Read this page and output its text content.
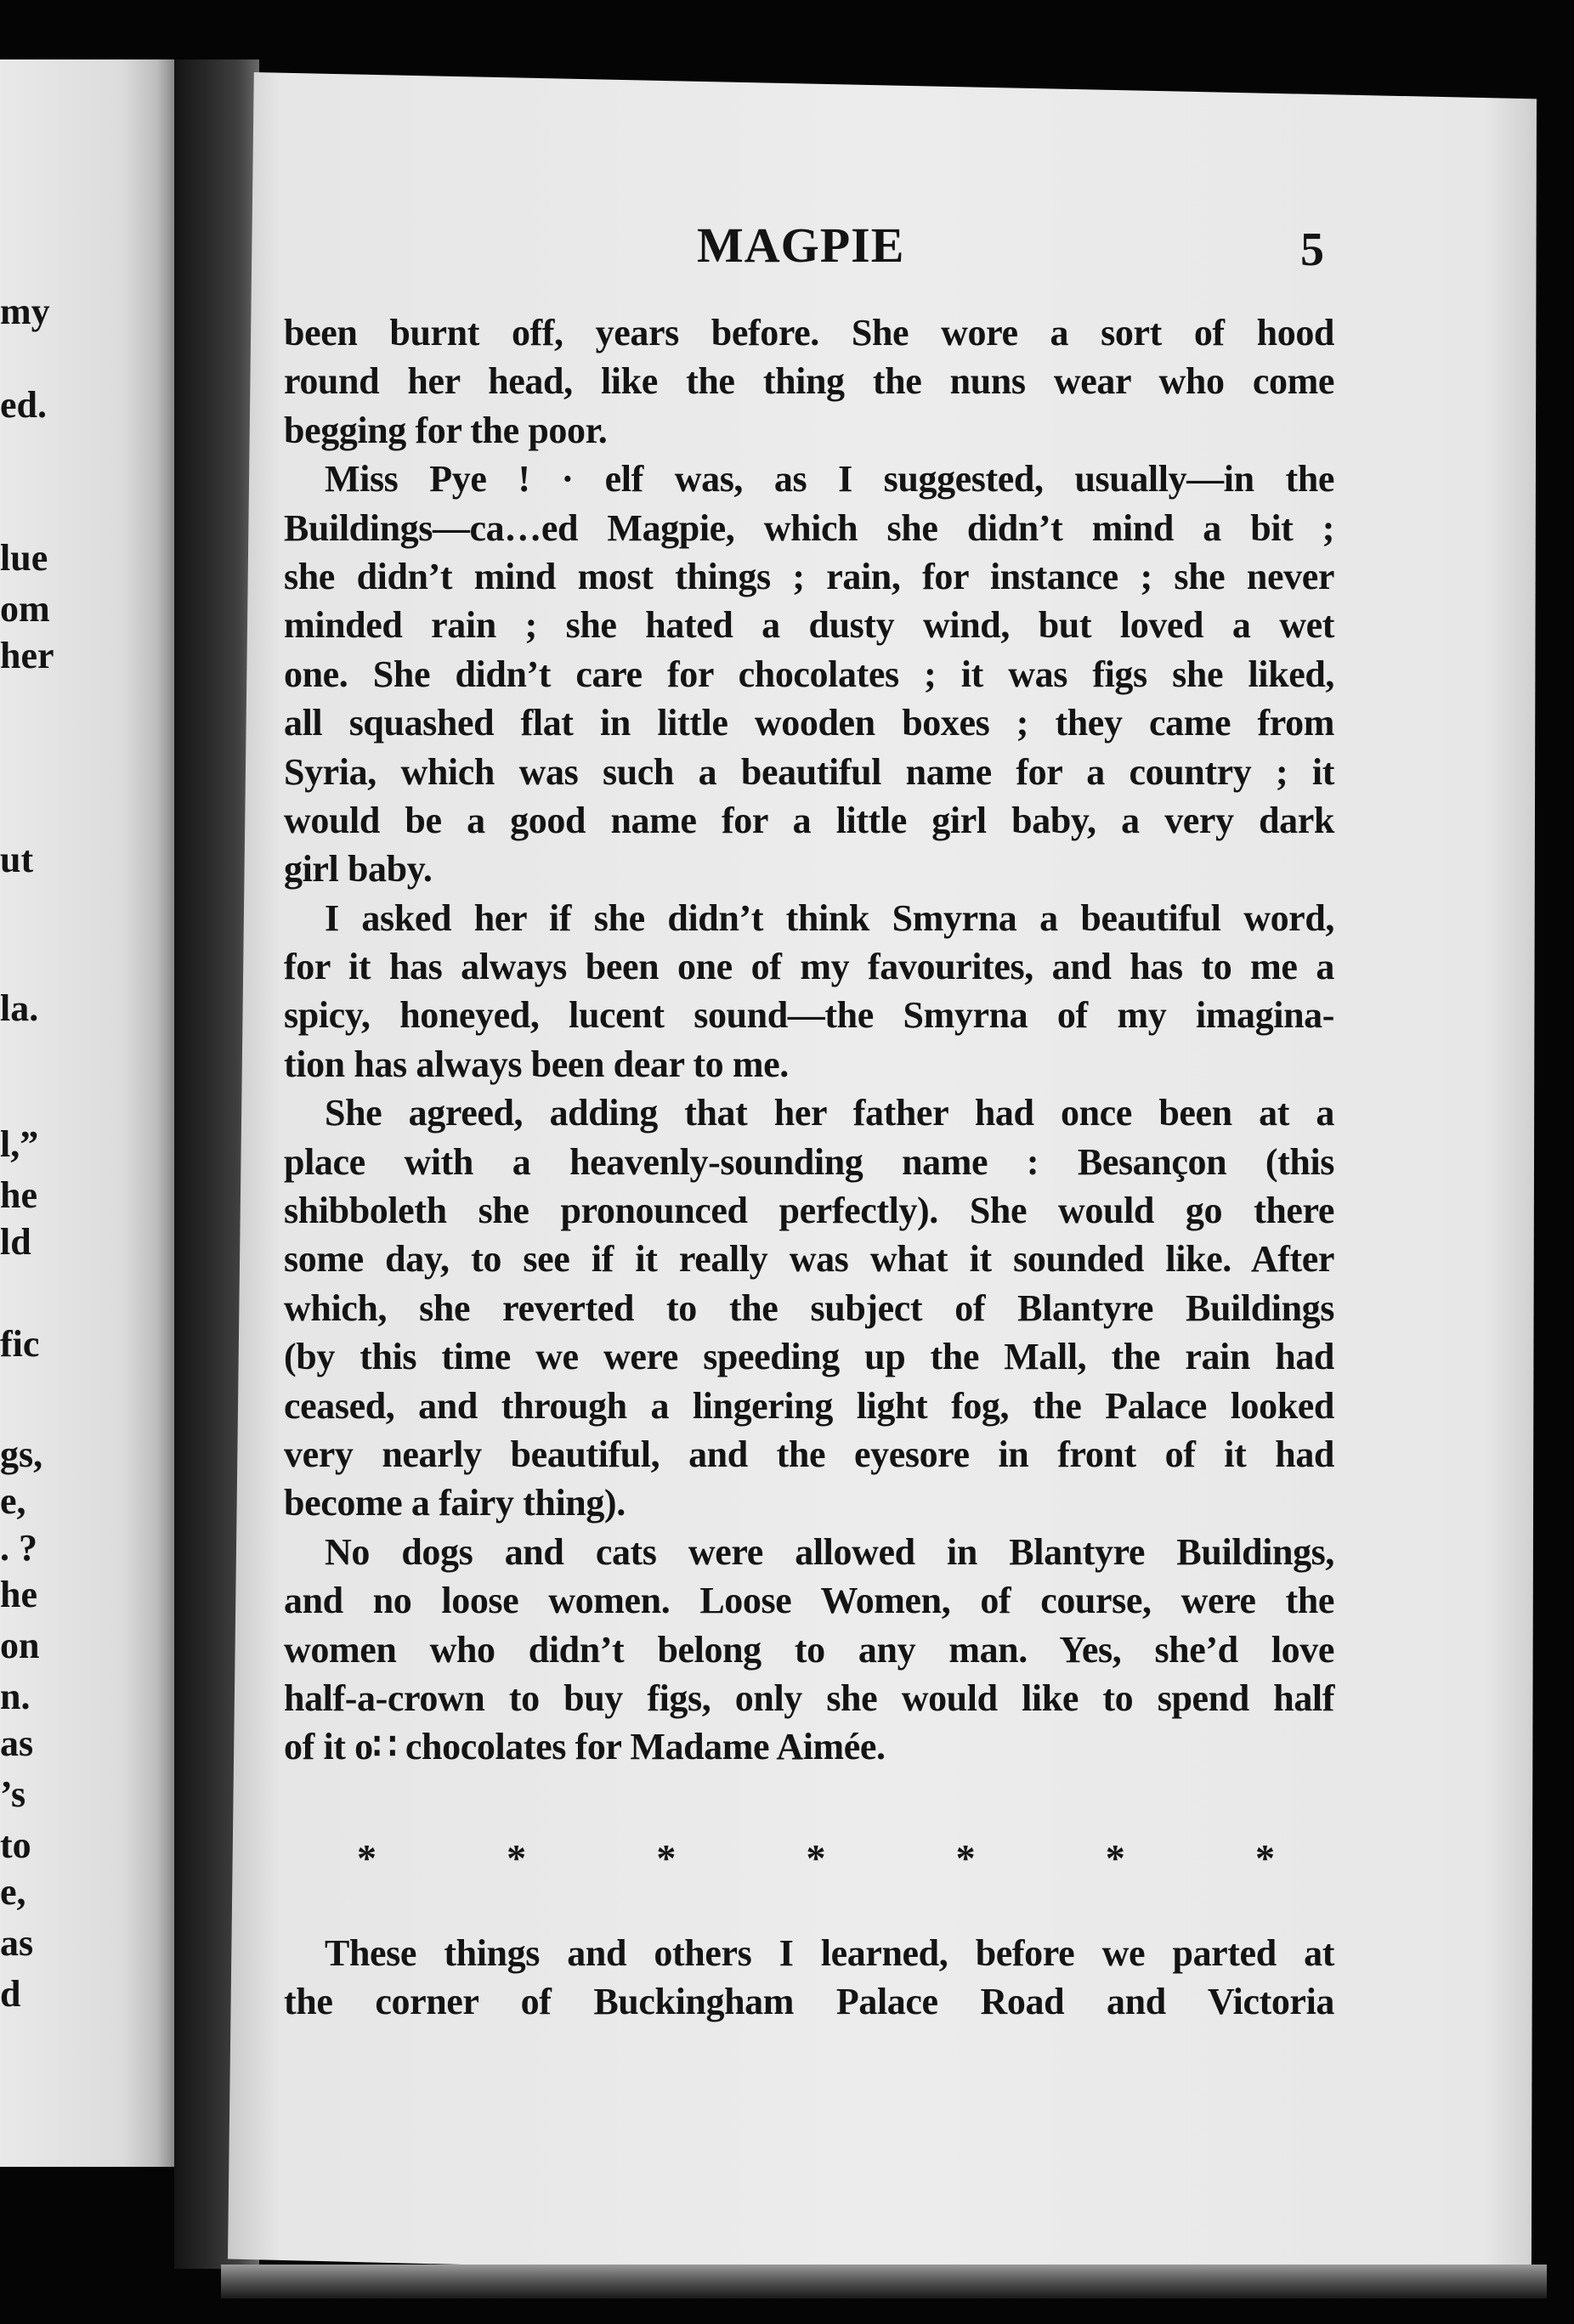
my
ed.
lue
om
her
ut
la.
l,”
he
ld
fic
gs,
e,
. ?
he
on
n.
as
’s
to
e,
as
d
MAGPIE	5
been burnt off, years before. She wore a sort of hood
round her head, like the thing the nuns wear who come
begging for the poor.
Miss Pye ! · elf was, as I suggested, usually—in the
Buildings—ca…ed Magpie, which she didn’t mind a bit ;
she didn’t mind most things ; rain, for instance ; she never
minded rain ; she hated a dusty wind, but loved a wet
one. She didn’t care for chocolates ; it was figs she liked,
all squashed flat in little wooden boxes ; they came from
Syria, which was such a beautiful name for a country ; it
would be a good name for a little girl baby, a very dark
girl baby.
I asked her if she didn’t think Smyrna a beautiful word,
for it has always been one of my favourites, and has to me a
spicy, honeyed, lucent sound—the Smyrna of my imagina-
tion has always been dear to me.
She agreed, adding that her father had once been at a
place with a heavenly-sounding name : Besançon (this
shibboleth she pronounced perfectly). She would go there
some day, to see if it really was what it sounded like. After
which, she reverted to the subject of Blantyre Buildings
(by this time we were speeding up the Mall, the rain had
ceased, and through a lingering light fog, the Palace looked
very nearly beautiful, and the eyesore in front of it had
become a fairy thing).
No dogs and cats were allowed in Blantyre Buildings,
and no loose women. Loose Women, of course, were the
women who didn’t belong to any man. Yes, she’d love
half-a-crown to buy figs, only she would like to spend half
of it o∷ chocolates for Madame Aimée.
*	*	*	*	*	*	*
These things and others I learned, before we parted at
the corner of Buckingham Palace Road and Victoria
